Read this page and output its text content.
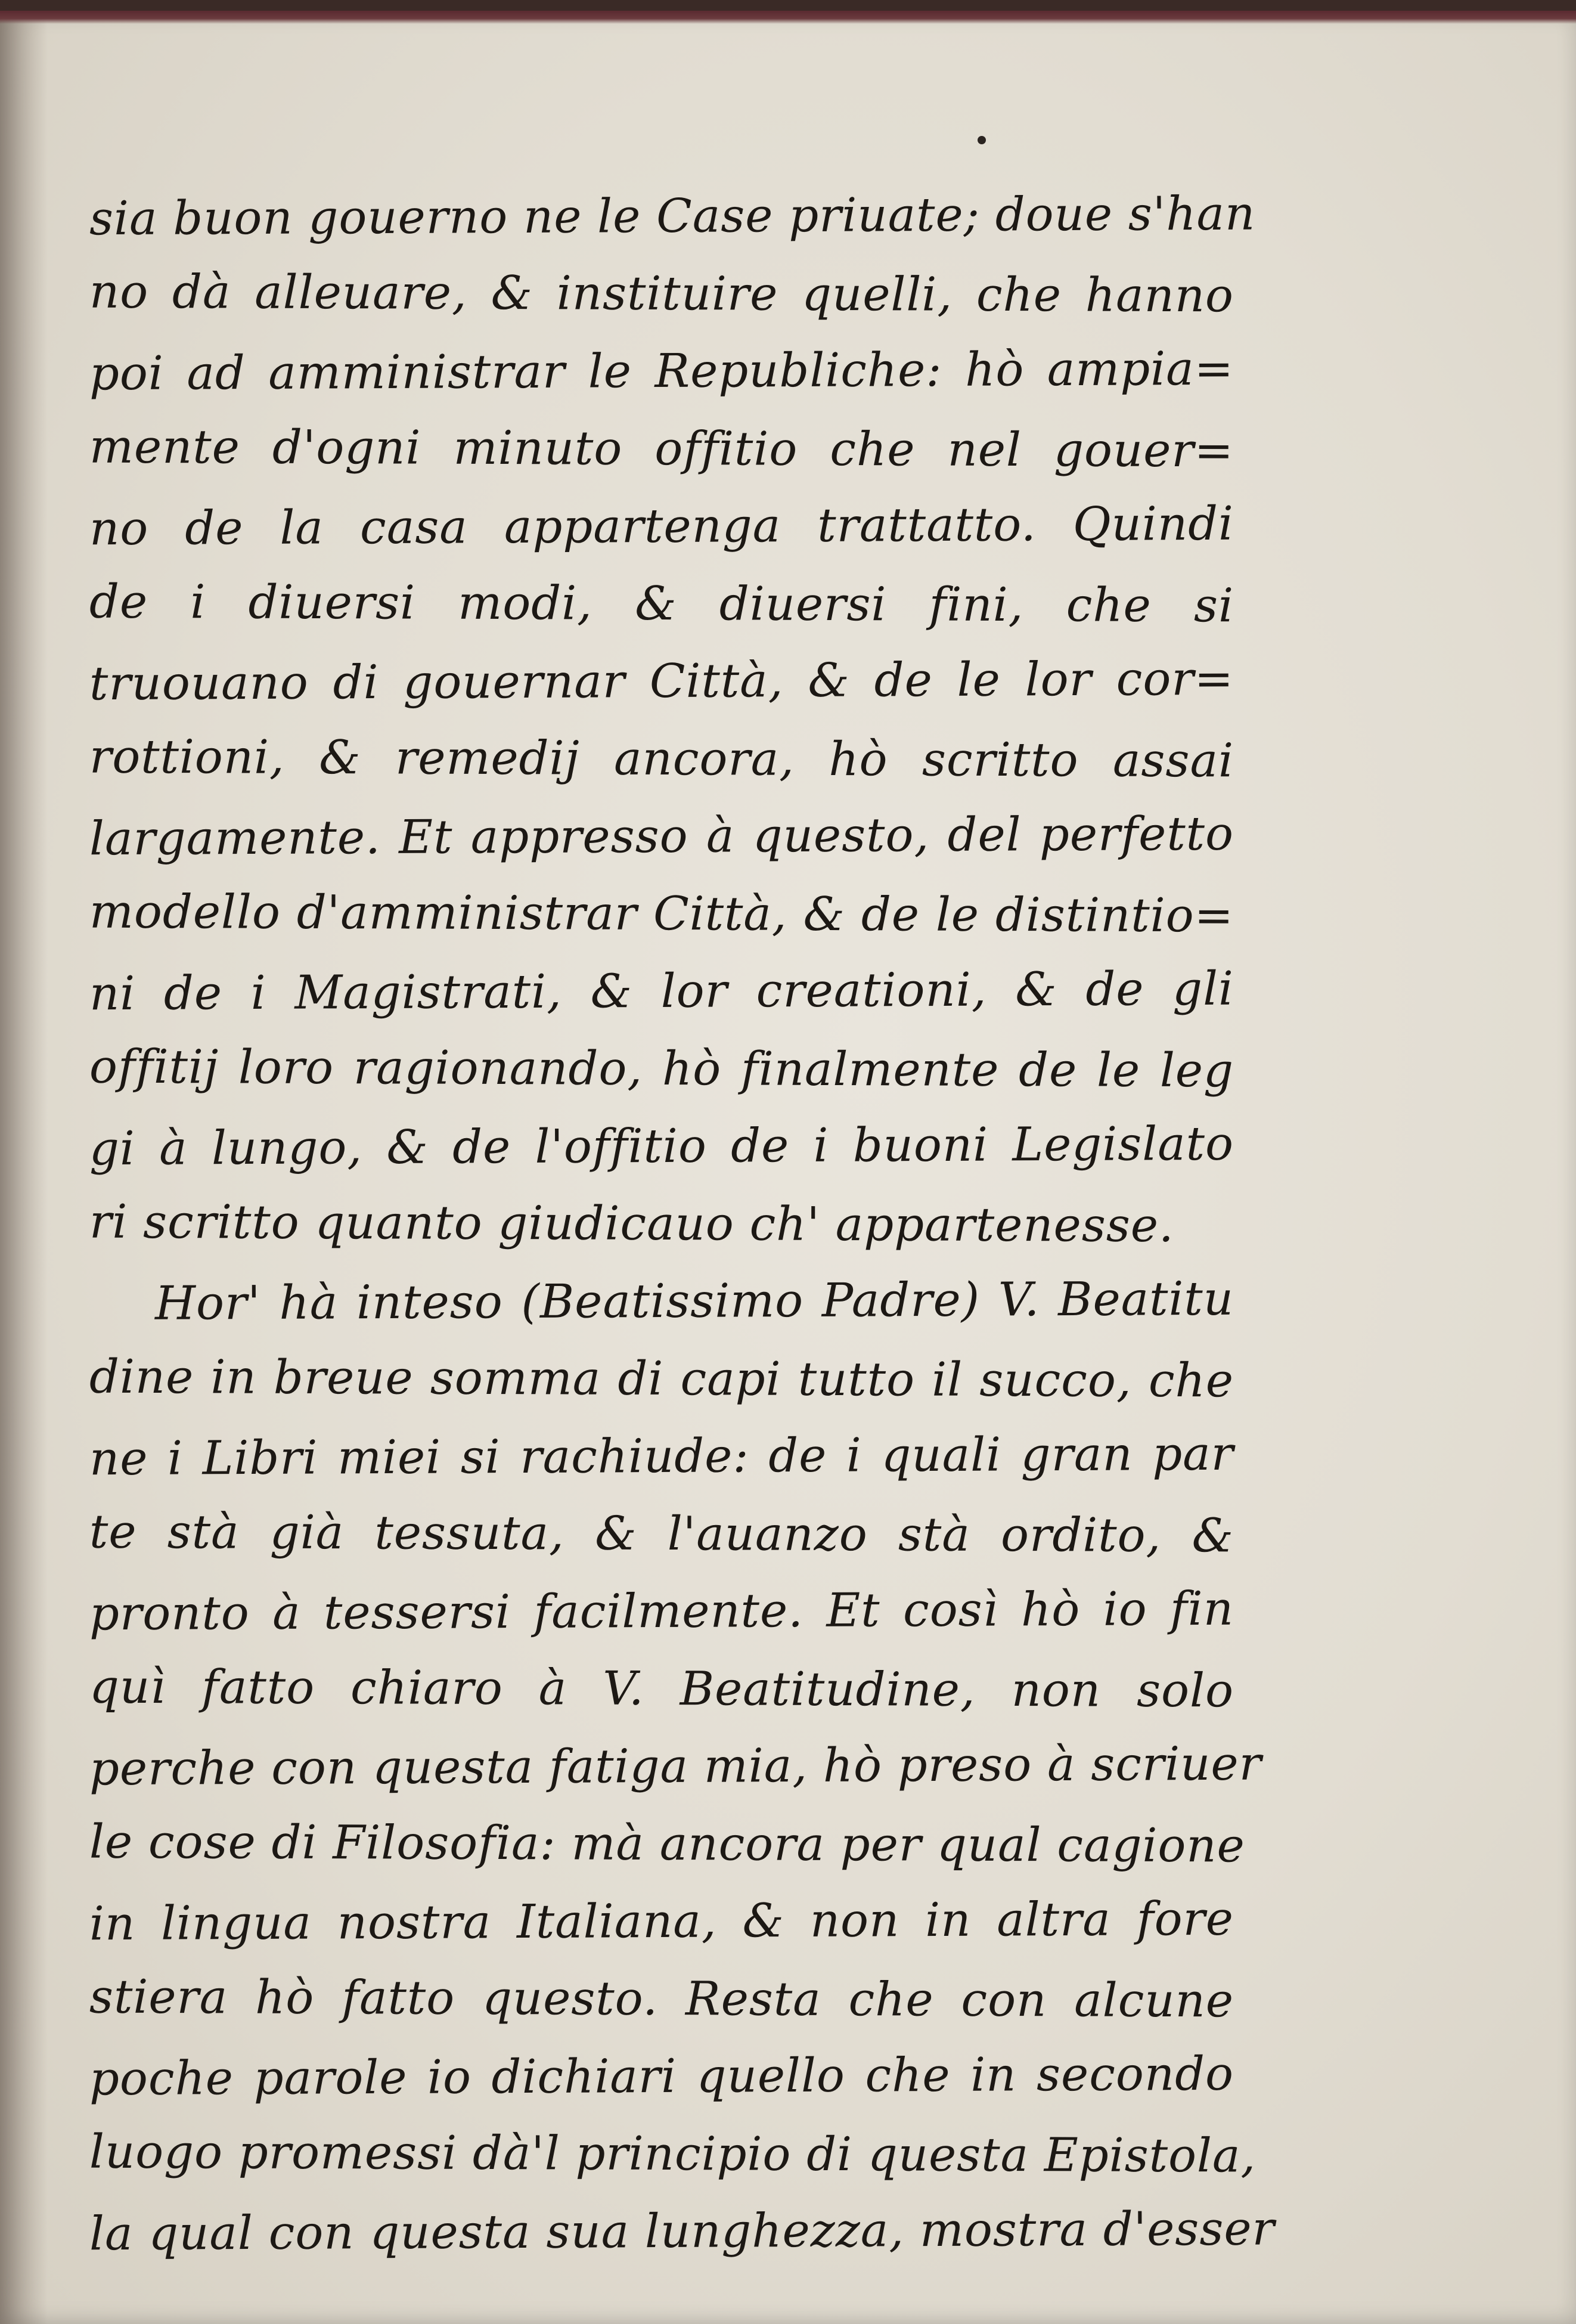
sia buon gouerno ne le Case priuate; doue s'han
no dà alleuare, & instituire quelli, che hanno
poi ad amministrar le Republiche: hò ampia=
mente d'ogni minuto offitio che nel gouer=
no de la casa appartenga trattatto. Quindi
de i diuersi modi, & diuersi fini, che si
truouano di gouernar Città, & de le lor cor=
rottioni, & remedij ancora, hò scritto assai
largamente. Et appresso à questo, del perfetto
modello d'amministrar Città, & de le distintio=
ni de i Magistrati, & lor creationi, & de gli
offitij loro ragionando, hò finalmente de le leg
gi à lungo, & de l'offitio de i buoni Legislato
ri scritto quanto giudicauo ch' appartenesse.
Hor' hà inteso (Beatissimo Padre) V. Beatitu
dine in breue somma di capi tutto il succo, che
ne i Libri miei si rachiude: de i quali gran par
te stà già tessuta, & l'auanzo stà ordito, &
pronto à tessersi facilmente. Et così hò io fin
quì fatto chiaro à V. Beatitudine, non solo
perche con questa fatiga mia, hò preso à scriuer
le cose di Filosofia: mà ancora per qual cagione
in lingua nostra Italiana, & non in altra fore
stiera hò fatto questo. Resta che con alcune
poche parole io dichiari quello che in secondo
luogo promessi dà'l principio di questa Epistola,
la qual con questa sua lunghezza, mostra d'esser
